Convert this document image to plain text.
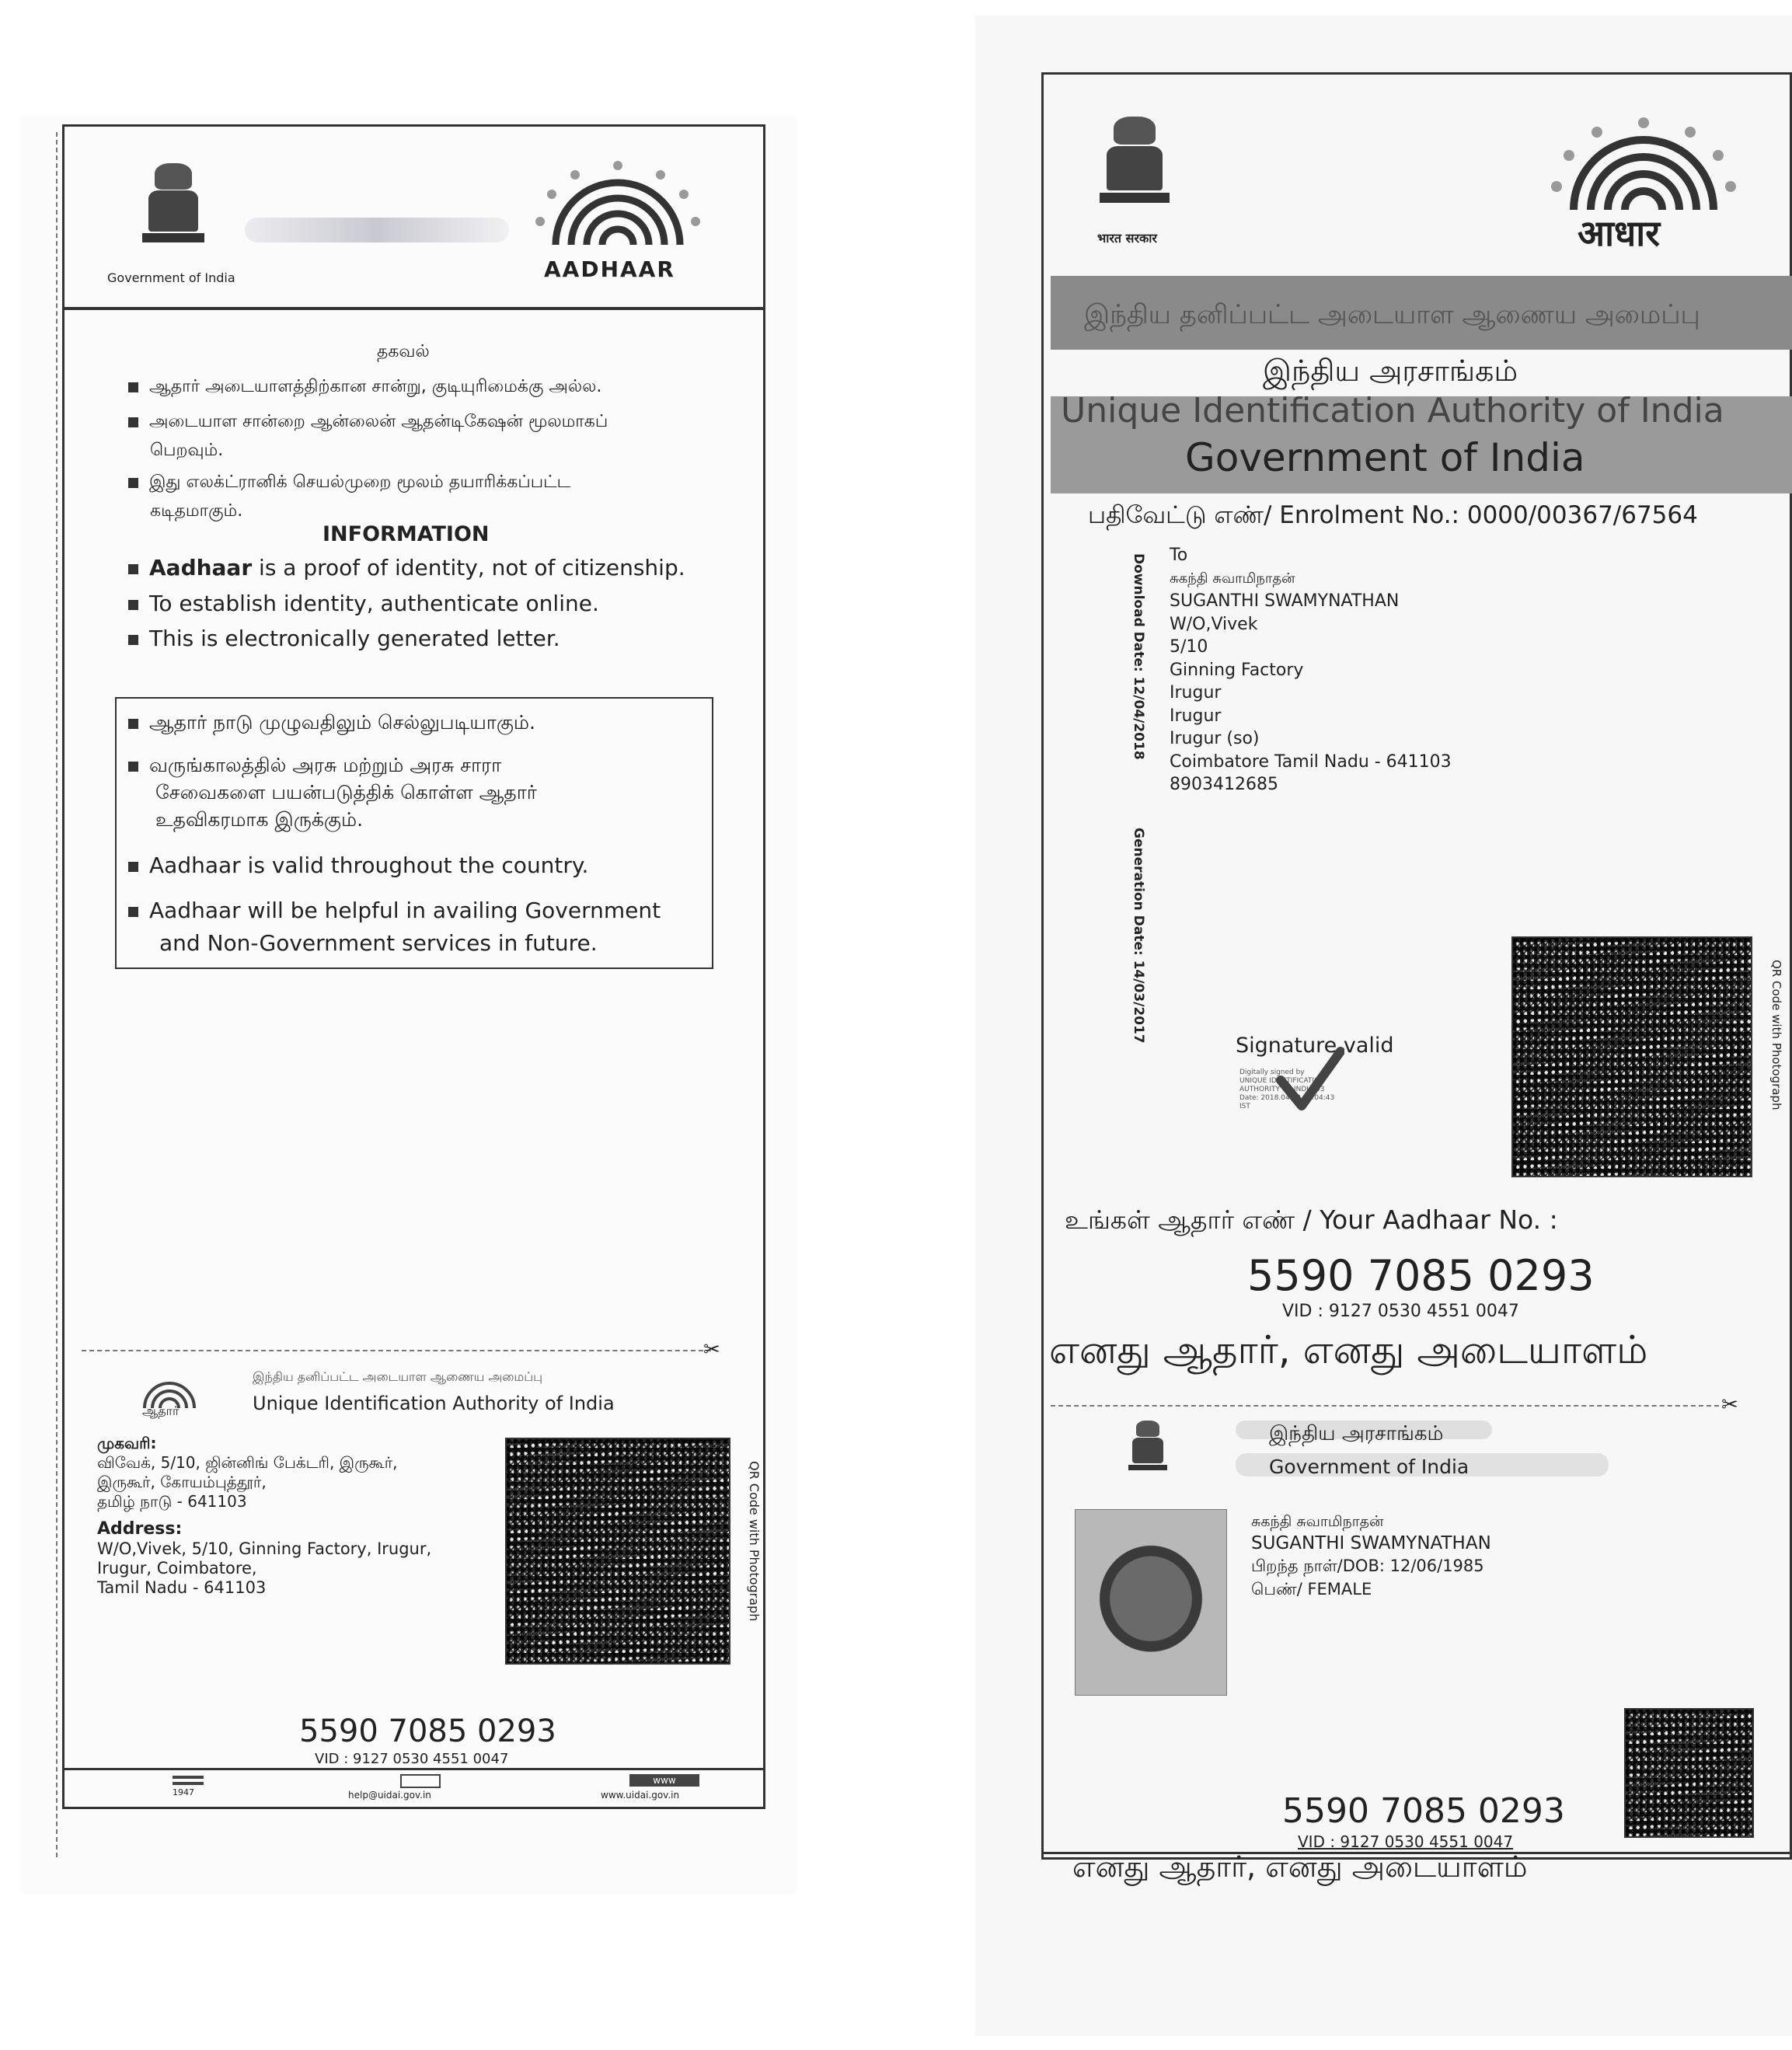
Government of India	AADHAAR
தகவல்
ஆதார் அடையாளத்திற்கான சான்று, குடியுரிமைக்கு அல்ல.
அடையாள சான்றை ஆன்லைன் ஆதன்டிகேஷன் மூலமாகப்
பெறவும்.
இது எலக்ட்ரானிக் செயல்முறை மூலம் தயாரிக்கப்பட்ட
கடிதமாகும்.
INFORMATION
Aadhaar is a proof of identity, not of citizenship.
To establish identity, authenticate online.
This is electronically generated letter.
ஆதார் நாடு முழுவதிலும் செல்லுபடியாகும்.
வருங்காலத்தில் அரசு மற்றும் அரசு சாரா
சேவைகளை பயன்படுத்திக் கொள்ள ஆதார்
உதவிகரமாக இருக்கும்.
Aadhaar is valid throughout the country.
Aadhaar will be helpful in availing Government
and Non-Government services in future.
✂
ஆதார்
இந்திய தனிப்பட்ட அடையாள ஆணைய அமைப்பு
Unique Identification Authority of India
முகவரி:
விவேக், 5/10, ஜின்னிங் பேக்டரி, இருகூர்,
இருகூர், கோயம்புத்தூர்,
தமிழ் நாடு - 641103
Address:
W/O,Vivek, 5/10, Ginning Factory, Irugur,
Irugur, Coimbatore,
Tamil Nadu - 641103	QR Code with Photograph
5590 7085 0293
VID : 9127 0530 4551 0047
1947	help@uidai.gov.in
www
www.uidai.gov.in
भारत सरकार	आधार
இந்திய தனிப்பட்ட அடையாள ஆணைய அமைப்பு
இந்திய அரசாங்கம்
Unique Identification Authority of India
Government of India
பதிவேட்டு எண்/ Enrolment No.: 0000/00367/67564
Download Date: 12/04/2018
Generation Date: 14/03/2017
To
சுகந்தி சுவாமிநாதன்
SUGANTHI SWAMYNATHAN
W/O,Vivek
5/10
Ginning Factory
Irugur
Irugur
Irugur (so)
Coimbatore Tamil Nadu - 641103
8903412685
QR Code with Photograph
Signature valid
Digitally signed by
UNIQUE IDENTIFICATION
AUTHORITY OF INDIA 03
Date: 2018.04.12 10:04:43
IST
உங்கள் ஆதார் எண் / Your Aadhaar No. :
5590 7085 0293
VID : 9127 0530 4551 0047
எனது ஆதார், எனது அடையாளம்
✂
இந்திய அரசாங்கம்
Government of India
சுகந்தி சுவாமிநாதன்
SUGANTHI SWAMYNATHAN
பிறந்த நாள்/DOB: 12/06/1985
பெண்/ FEMALE
5590 7085 0293
VID : 9127 0530 4551 0047
எனது ஆதார், எனது அடையாளம்
